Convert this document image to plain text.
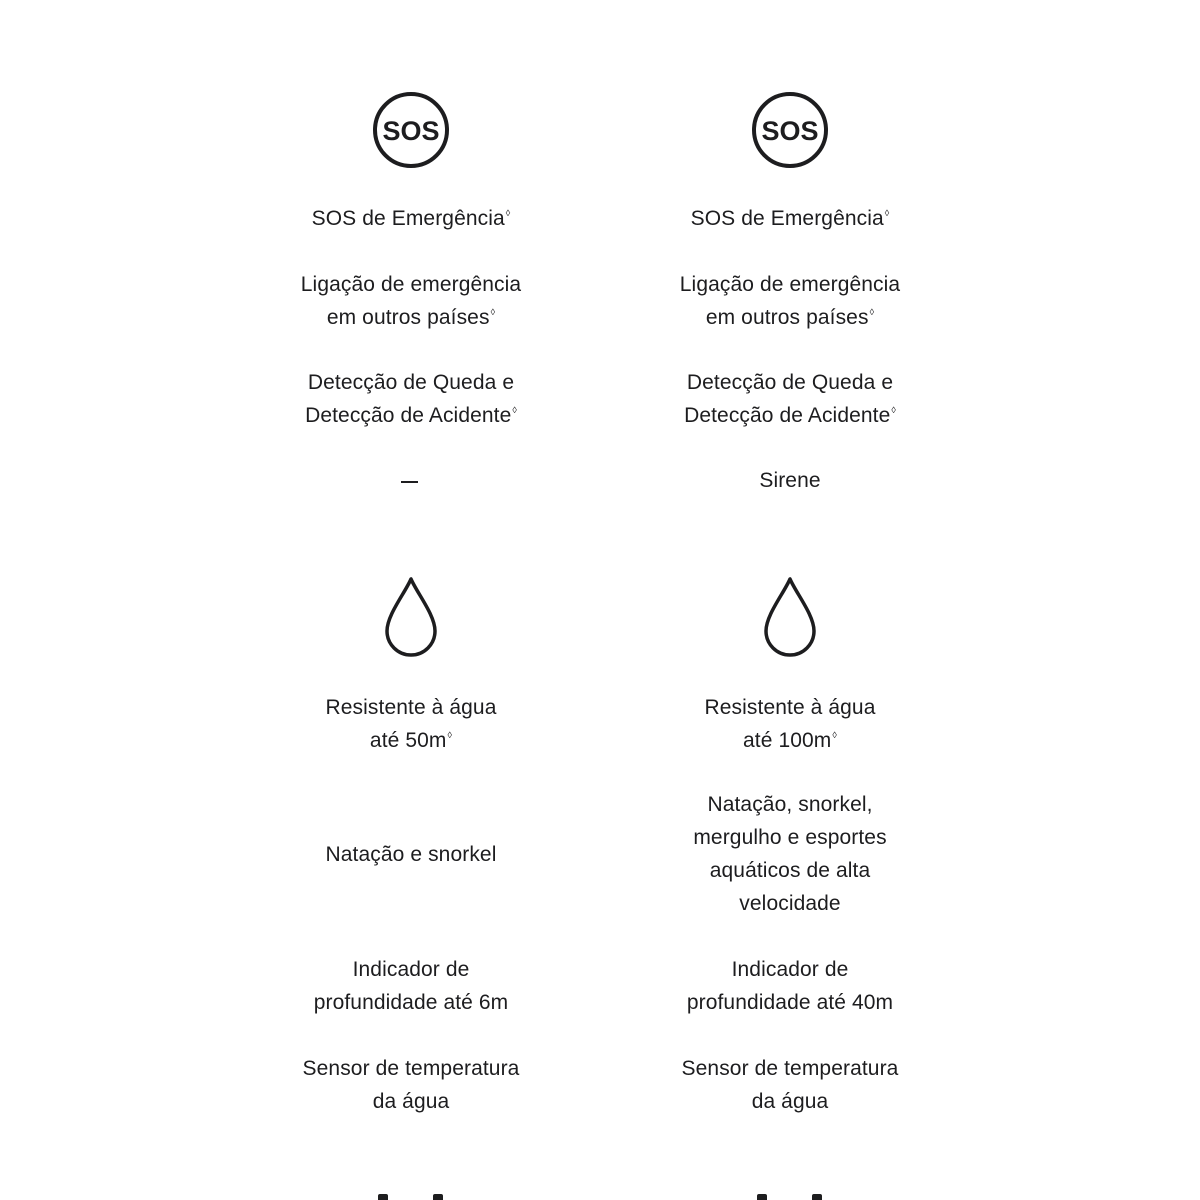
SOS
SOS de Emergência◊
Ligação de emergência
em outros países◊
Detecção de Queda e
Detecção de Acidente◊
Resistente à água
até 50m◊
Natação e snorkel
Indicador de
profundidade até 6m
Sensor de temperatura
da água
SOS
SOS de Emergência◊
Ligação de emergência
em outros países◊
Detecção de Queda e
Detecção de Acidente◊
Sirene
Resistente à água
até 100m◊
Natação, snorkel,
mergulho e esportes
aquáticos de alta
velocidade
Indicador de
profundidade até 40m
Sensor de temperatura
da água
